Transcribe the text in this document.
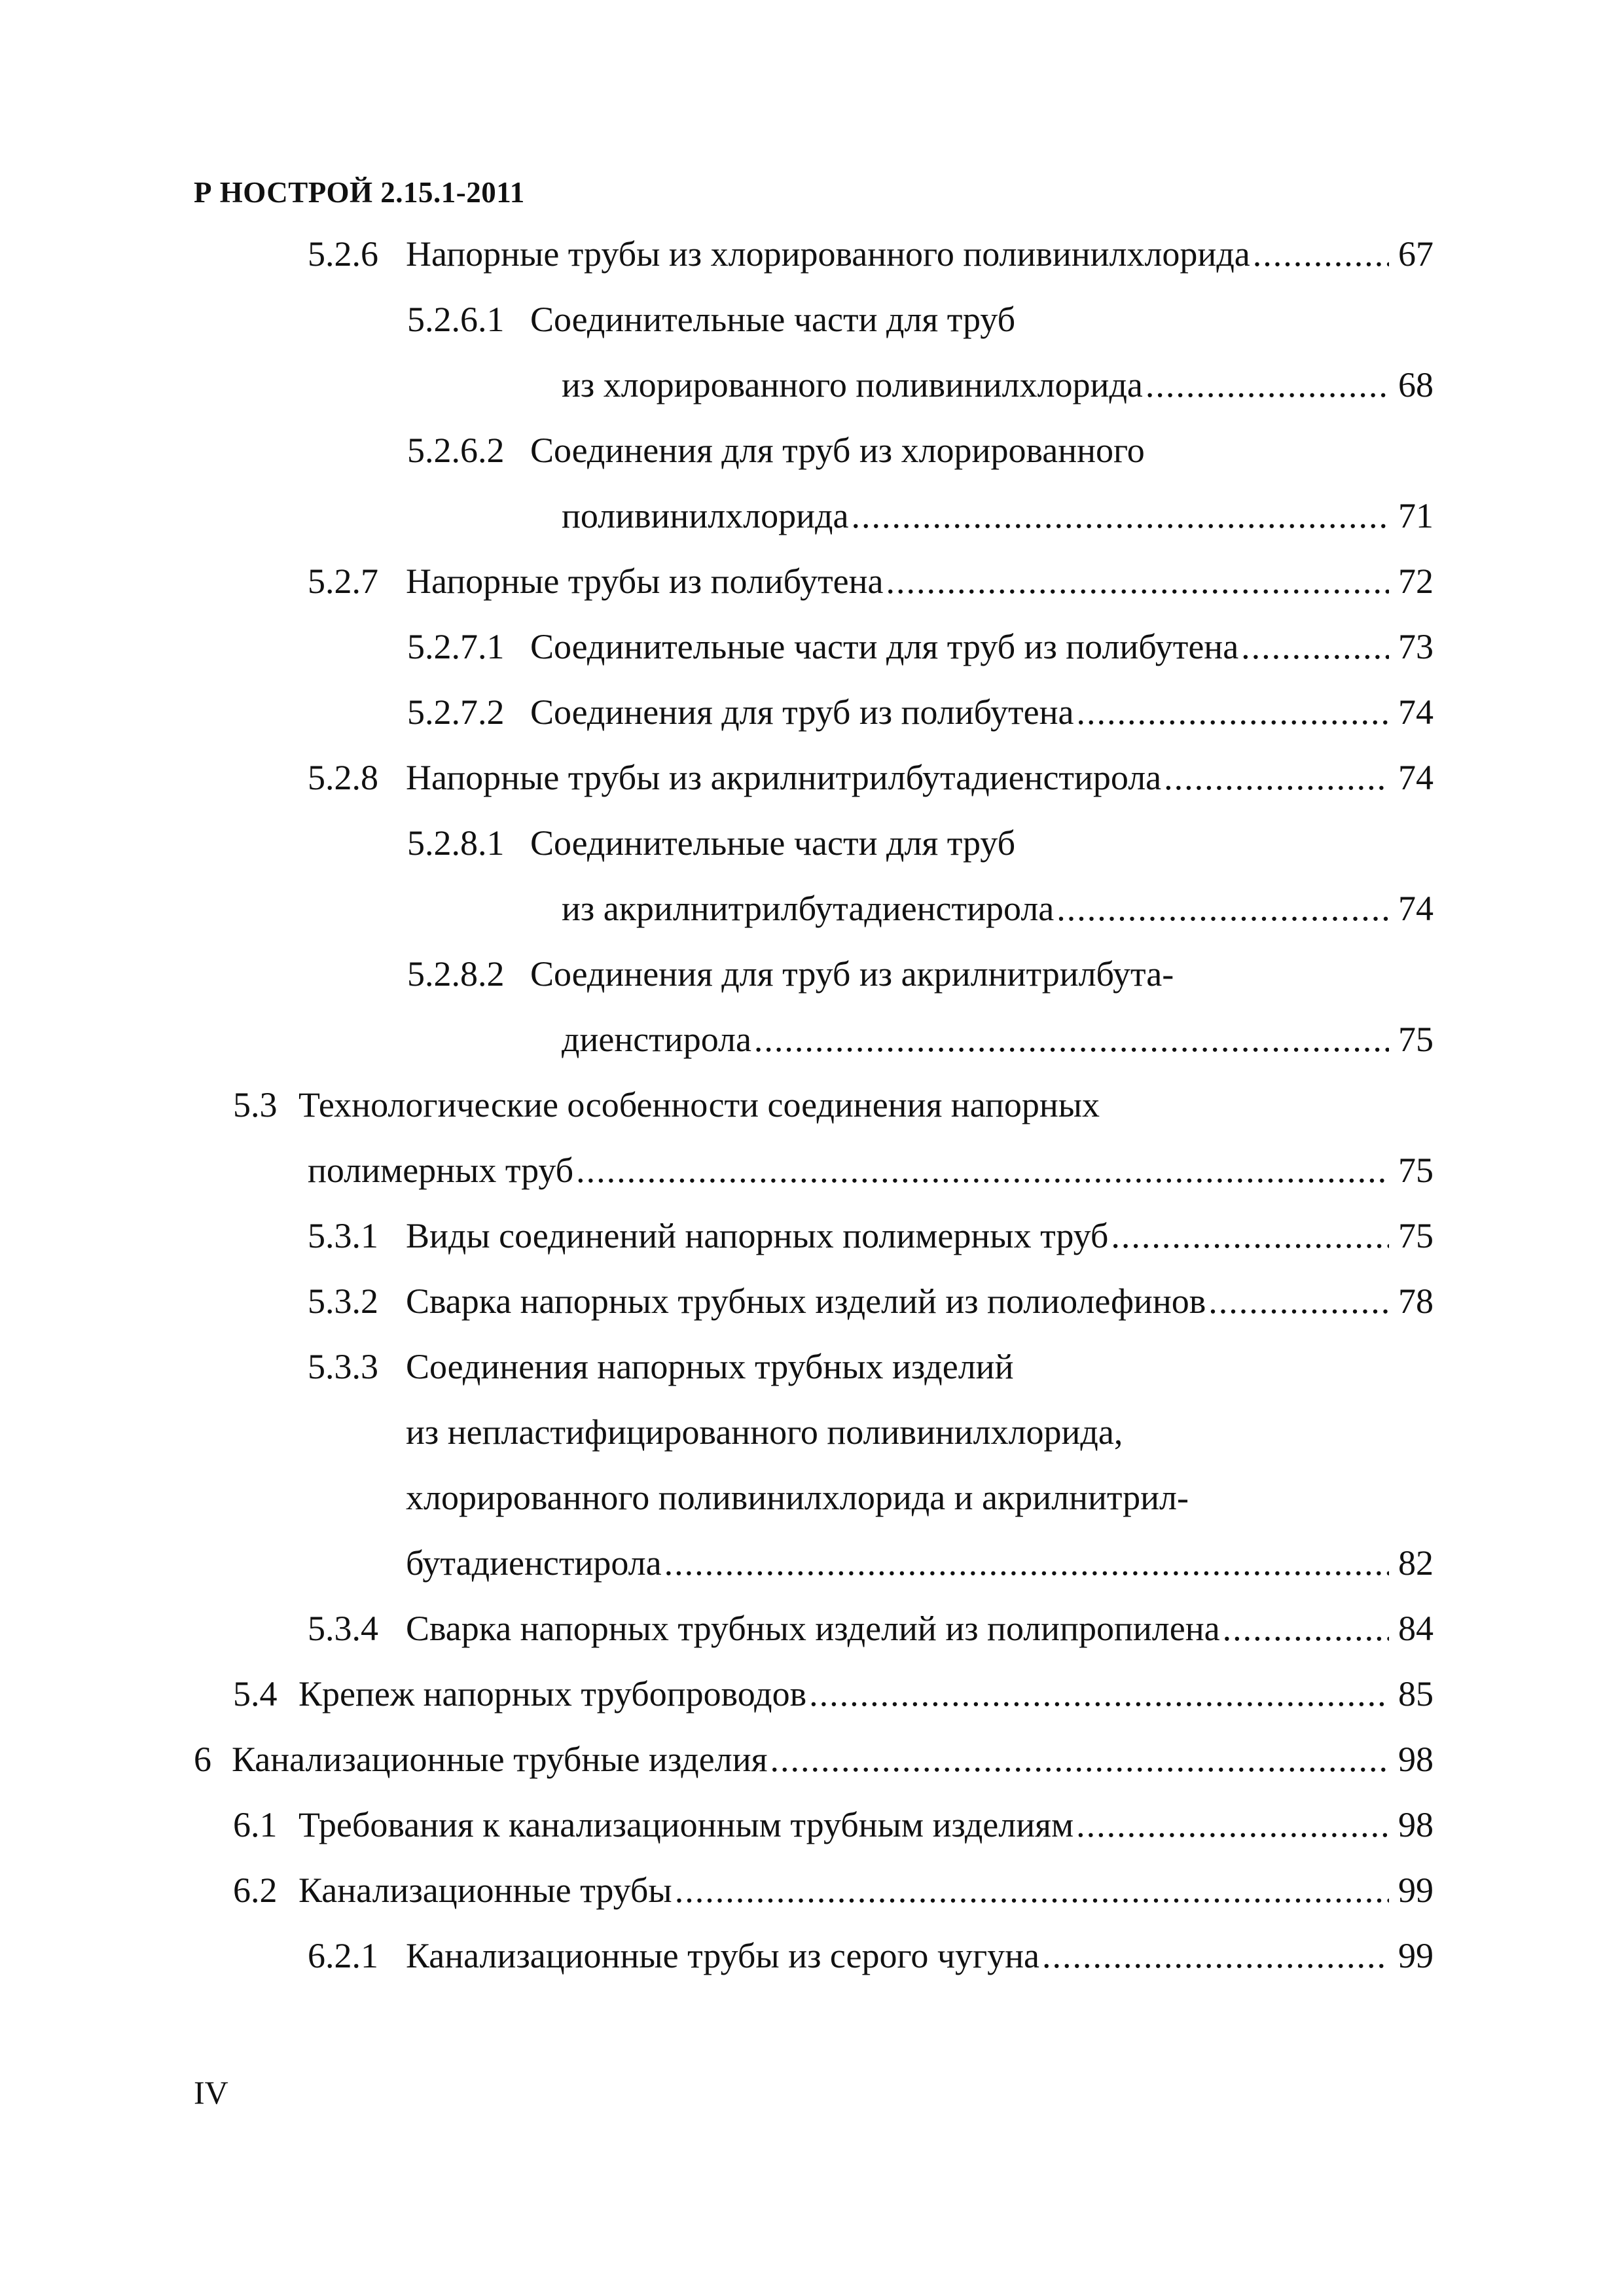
Р НОСТРОЙ 2.15.1-2011
5.2.6 Напорные трубы из хлорированного поливинилхлорида .....	67
5.2.6.1 Соединительные части для труб
из хлорированного поливинилхлорида .....	68
5.2.6.2 Соединения для труб из хлорированного
поливинилхлорида .....	71
5.2.7 Напорные трубы из полибутена .....	72
5.2.7.1 Соединительные части для труб из полибутена .....	73
5.2.7.2 Соединения для труб из полибутена .....	74
5.2.8 Напорные трубы из акрилнитрилбутадиенстирола .....	74
5.2.8.1 Соединительные части для труб
из акрилнитрилбутадиенстирола .....	74
5.2.8.2 Соединения для труб из акрилнитрилбута-
диенстирола .....	75
5.3 Технологические особенности соединения напорных
полимерных труб .....	75
5.3.1 Виды соединений напорных полимерных труб .....	75
5.3.2 Сварка напорных трубных изделий из полиолефинов .....	78
5.3.3 Соединения напорных трубных изделий
из непластифицированного поливинилхлорида,
хлорированного поливинилхлорида и акрилнитрил-
бутадиенстирола .....	82
5.3.4 Сварка напорных трубных изделий из полипропилена .....	84
5.4 Крепеж напорных трубопроводов .....	85
6 Канализационные трубные изделия .....	98
6.1 Требования к канализационным трубным изделиям .....	98
6.2 Канализационные трубы .....	99
6.2.1 Канализационные трубы из серого чугуна .....	99
IV
